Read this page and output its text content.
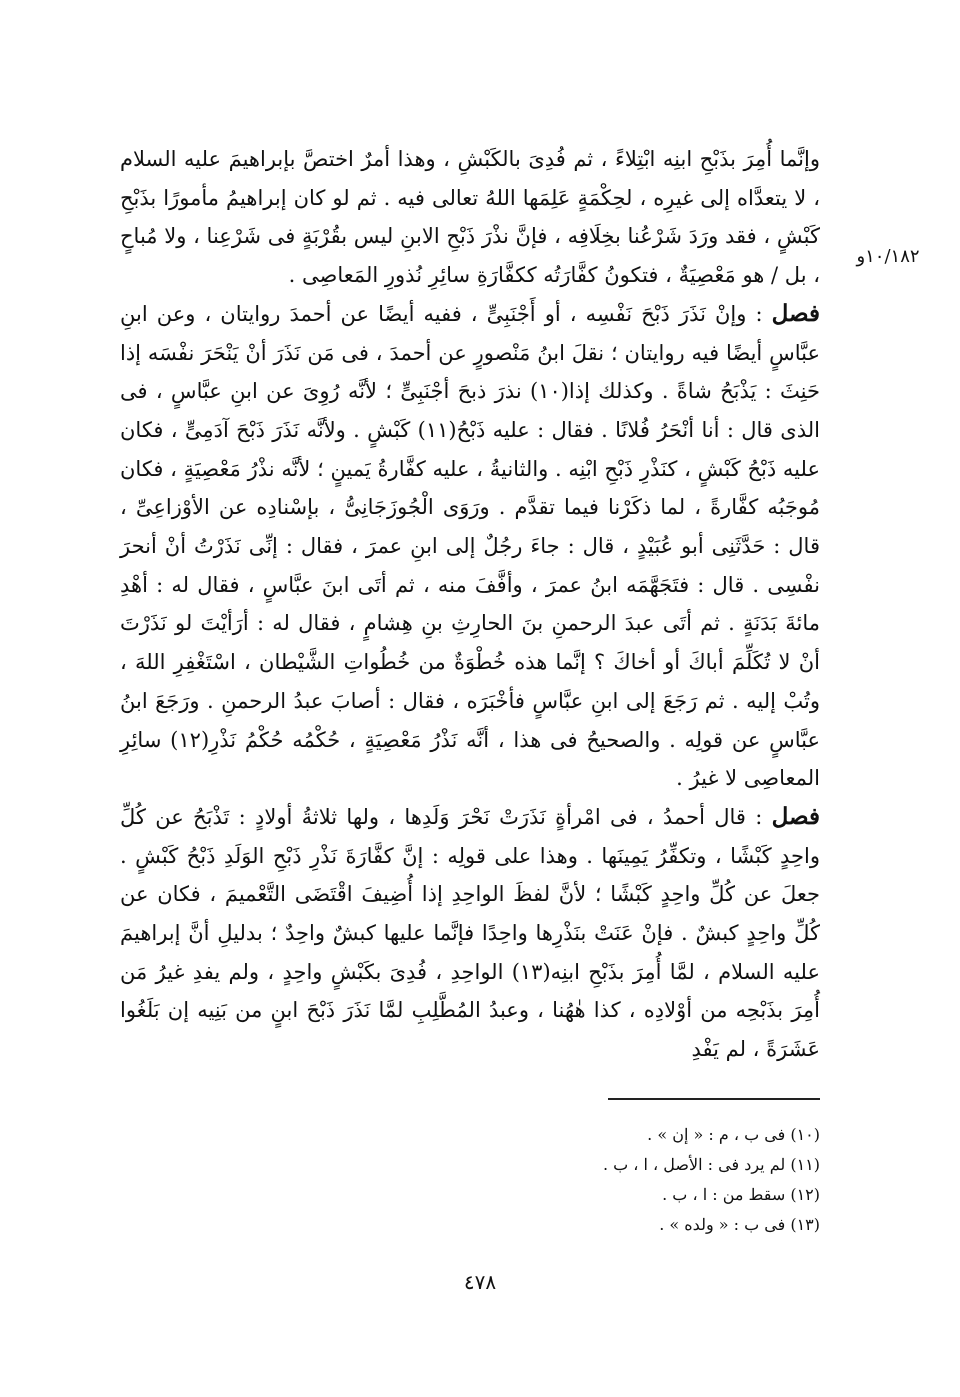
١٠/١٨٢و

وإنَّما أُمِرَ بذَبْحِ ابنِه ابْتِلاءً ، ثم فُدِىَ بالكَبْشِ ، وهذا أمرٌ اختصَّ بإبراهيمَ عليه السلام ، لا يتعدَّاه إلى غيرِه ، لحِكْمَةٍ عَلِمَها اللهُ تعالى فيه . ثم لو كان إبراهيمُ مأمورًا بذَبْحِ كَبْشٍ ، فقد ورَدَ شَرْعُنا بخِلَافِه ، فإنَّ نذْرَ ذَبْحِ الابنِ ليس بقُرْبَةٍ فى شَرْعِنا ، ولا مُباحٍ ، بل / هو مَعْصِيَةٌ ، فتكونُ كفَّارَتُه ككفَّارَةِ سائِرِ نُذورِ المَعاصِى .

فصل : وإنْ نَذَرَ ذَبْحَ نَفْسِه ، أو أَجْنَبِىٍّ ، ففيه أيضًا عن أحمدَ روايتان ، وعن ابنِ عبَّاسٍ أيضًا فيه روايتان ؛ نقلَ ابنُ مَنْصورٍ عن أحمدَ ، فى مَن نَذَرَ أنْ يَنْحَرَ نفْسَه إذا حَنِثَ : يَذْبَحُ شاةً . وكذلك إذا(١٠) نذرَ ذبحَ أجْنَبِىٍّ ؛ لأنَّه رُوِىَ عن ابنِ عبَّاسٍ ، فى الذى قال : أنا أنْحَرُ فُلانًا . فقال : عليه ذَبْحُ(١١) كَبْشٍ . ولأنَّه نَذَرَ ذَبْحَ آدَمِىٍّ ، فكان عليه ذَبْحُ كَبْشٍ ، كنَذْرِ ذَبْحِ ابْنِه . والثانيةُ ، عليه كفَّارةُ يَمينٍ ؛ لأنَّه نذْرُ مَعْصِيَةٍ ، فكان مُوجَبُه كفَّارةً ، لما ذكَرْنا فيما تقدَّم . ورَوَى الْجُوزَجَانِىُّ ، بإسْنادِه عن الأوْزاعِىِّ ، قال : حَدَّثَنِى أبو عُبَيْدٍ ، قال : جاءَ رجُلٌ إلى ابنِ عمرَ ، فقال : إنِّى نَذَرْتُ أنْ أنحرَ نفْسِى . قال : فتَجَهَّمَه ابنُ عمرَ ، وأفَّفَ منه ، ثم أتَى ابنَ عبَّاسٍ ، فقال له : أهْدِ مائةَ بَدَنَةٍ . ثم أتَى عبدَ الرحمنِ بنَ الحارِثِ بنِ هِشامٍ ، فقال له : أرَأيْتَ لو نَذَرْتَ أنْ لا تُكَلِّمَ أباكَ أو أخاكَ ؟ إنَّما هذه خُطْوَةٌ من خُطُواتِ الشَّيْطان ، اسْتَغْفِرِ اللهَ ، وتُبْ إليه . ثم رَجَعَ إلى ابنِ عبَّاسٍ فأخْبَرَه ، فقال : أصابَ عبدُ الرحمنِ . ورَجَعَ ابنُ عبَّاسٍ عن قولِه . والصحيحُ فى هذا ، أنَّه نَذْرُ مَعْصِيَةٍ ، حُكْمُه حُكْمُ نَذْرِ(١٢) سائِرِ المعاصِى لا غيرُ .

فصل : قال أحمدُ ، فى امْرأةٍ نَذَرَتْ نَحْرَ وَلَدِها ، ولها ثلاثةُ أولادٍ : تَذْبَحُ عن كُلِّ واحِدٍ كَبْشًا ، وتكفِّرُ يَمِينَها . وهذا على قولِه : إنَّ كفَّارَةَ نَذْرِ ذَبْحِ الوَلَدِ ذَبْحُ كَبْشٍ . جعلَ عن كُلِّ واحِدٍ كَبْشًا ؛ لأنَّ لفظَ الواحِدِ إذا أُضِيفَ اقْتَضَى التَّعْميمَ ، فكان عن كُلِّ واحِدٍ كبشٌ . فإنْ عَنَتْ بنَذْرِها واحِدًا فإنَّما عليها كبشٌ واحِدٌ ؛ بدليلِ أنَّ إبراهيمَ عليه السلام ، لمَّا أُمِرَ بذَبْحِ ابنِه(١٣) الواحِدِ ، فُدِىَ بكَبْشٍ واحِدٍ ، ولم يفدِ غيرُ مَن أُمِرَ بذَبْحِه من أوْلادِه ، كذا هٰهُنا ، وعبدُ المُطَّلِبِ لمَّا نَذَرَ ذَبْحَ ابنٍ من بَنِيه إن بَلَغُوا عَشَرَةً ، لم يَفْدِ

(١٠) فى ب ، م : « إن » .
(١١) لم يرد فى : الأصل ، ا ، ب .
(١٢) سقط من : ا ، ب .
(١٣) فى ب : « ولده » .
٤٧٨
